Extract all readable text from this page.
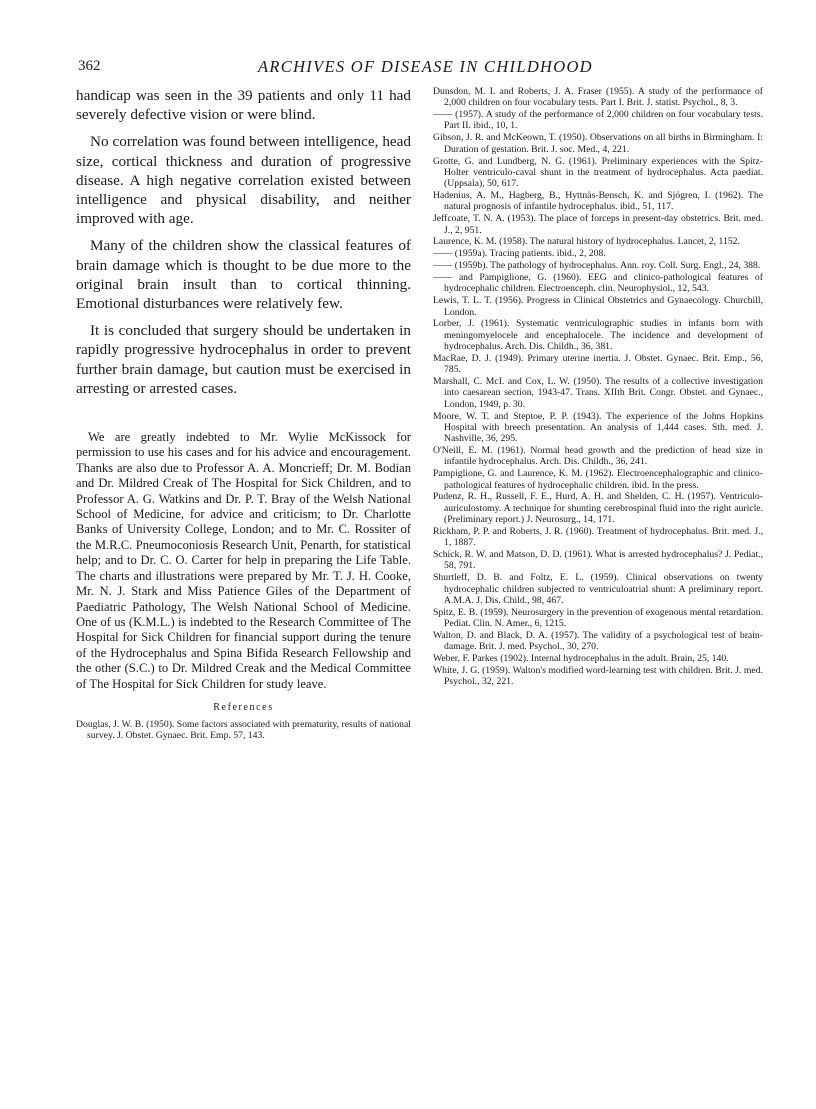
362	ARCHIVES OF DISEASE IN CHILDHOOD

handicap was seen in the 39 patients and only 11 had severely defective vision or were blind.

No correlation was found between intelligence, head size, cortical thickness and duration of progressive disease. A high negative correlation existed between intelligence and physical disability, and neither improved with age.

Many of the children show the classical features of brain damage which is thought to be due more to the original brain insult than to cortical thinning. Emotional disturbances were relatively few.

It is concluded that surgery should be undertaken in rapidly progressive hydrocephalus in order to prevent further brain damage, but caution must be exercised in arresting or arrested cases.

We are greatly indebted to Mr. Wylie McKissock for permission to use his cases and for his advice and encouragement. Thanks are also due to Professor A. A. Moncrieff; Dr. M. Bodian and Dr. Mildred Creak of The Hospital for Sick Children, and to Professor A. G. Watkins and Dr. P. T. Bray of the Welsh National School of Medicine, for advice and criticism; to Dr. Charlotte Banks of University College, London; and to Mr. C. Rossiter of the M.R.C. Pneumoconiosis Research Unit, Penarth, for statistical help; and to Dr. C. O. Carter for help in preparing the Life Table. The charts and illustrations were prepared by Mr. T. J. H. Cooke, Mr. N. J. Stark and Miss Patience Giles of the Department of Paediatric Pathology, The Welsh National School of Medicine. One of us (K.M.L.) is indebted to the Research Committee of The Hospital for Sick Children for financial support during the tenure of the Hydrocephalus and Spina Bifida Research Fellowship and the other (S.C.) to Dr. Mildred Creak and the Medical Committee of The Hospital for Sick Children for study leave.

References

Douglas, J. W. B. (1950). Some factors associated with prematurity, results of national survey. J. Obstet. Gynaec. Brit. Emp. 57, 143.

Dunsdon, M. I. and Roberts, J. A. Fraser (1955). A study of the performance of 2,000 children on four vocabulary tests. Part I. Brit. J. statist. Psychol., 8, 3.

—— (1957). A study of the performance of 2,000 children on four vocabulary tests. Part II. ibid., 10, 1.

Gibson, J. R. and McKeown, T. (1950). Observations on all births in Birmingham. I: Duration of gestation. Brit. J. soc. Med., 4, 221.

Grotte, G. and Lundberg, N. G. (1961). Preliminary experiences with the Spitz-Holter ventriculo-caval shunt in the treatment of hydrocephalus. Acta paediat. (Uppsala), 50, 617.

Hadenius, A. M., Hagberg, B., Hyttnäs-Bensch, K. and Sjögren, I. (1962). The natural prognosis of infantile hydrocephalus. ibid., 51, 117.

Jeffcoate, T. N. A. (1953). The place of forceps in present-day obstetrics. Brit. med. J., 2, 951.

Laurence, K. M. (1958). The natural history of hydrocephalus. Lancet, 2, 1152.

—— (1959a). Tracing patients. ibid., 2, 208.

—— (1959b). The pathology of hydrocephalus. Ann. roy. Coll. Surg. Engl., 24, 388.

—— and Pampiglione, G. (1960). EEG and clinico-pathological features of hydrocephalic children. Electroenceph. clin. Neurophysiol., 12, 543.

Lewis, T. L. T. (1956). Progress in Clinical Obstetrics and Gynaecology. Churchill, London.

Lorber, J. (1961). Systematic ventriculographic studies in infants born with meningomyelocele and encephalocele. The incidence and development of hydrocephalus. Arch. Dis. Childh., 36, 381.

MacRae, D. J. (1949). Primary uterine inertia. J. Obstet. Gynaec. Brit. Emp., 56, 785.

Marshall, C. McI. and Cox, L. W. (1950). The results of a collective investigation into caesarean section, 1943-47. Trans. XIIth Brit. Congr. Obstet. and Gynaec., London, 1949, p. 30.

Moore, W. T. and Steptoe, P. P. (1943). The experience of the Johns Hopkins Hospital with breech presentation. An analysis of 1,444 cases. Sth. med. J. Nashville, 36, 295.

O'Neill, E. M. (1961). Normal head growth and the prediction of head size in infantile hydrocephalus. Arch. Dis. Childh., 36, 241.

Pampiglione, G. and Laurence, K. M. (1962). Electroencephalographic and clinico-pathological features of hydrocephalic children. ibid. In the press.

Pudenz, R. H., Russell, F. E., Hurd, A. H. and Shelden, C. H. (1957). Ventriculo-auriculostomy. A technique for shunting cerebrospinal fluid into the right auricle. (Preliminary report.) J. Neurosurg., 14, 171.

Rickham, P. P. and Roberts, J. R. (1960). Treatment of hydrocephalus. Brit. med. J., 1, 1887.

Schick, R. W. and Matson, D. D. (1961). What is arrested hydrocephalus? J. Pediat., 58, 791.

Shurtleff, D. B. and Foltz, E. L. (1959). Clinical observations on twenty hydrocephalic children subjected to ventriculoatrial shunt: A preliminary report. A.M.A. J. Dis. Child., 98, 467.

Spitz, E. B. (1959). Neurosurgery in the prevention of exogenous mental retardation. Pediat. Clin. N. Amer., 6, 1215.

Walton, D. and Black, D. A. (1957). The validity of a psychological test of brain-damage. Brit. J. med. Psychol., 30, 270.

Weber, F. Parkes (1902). Internal hydrocephalus in the adult. Brain, 25, 140.

White, J. G. (1959). Walton's modified word-learning test with children. Brit. J. med. Psychol., 32, 221.
